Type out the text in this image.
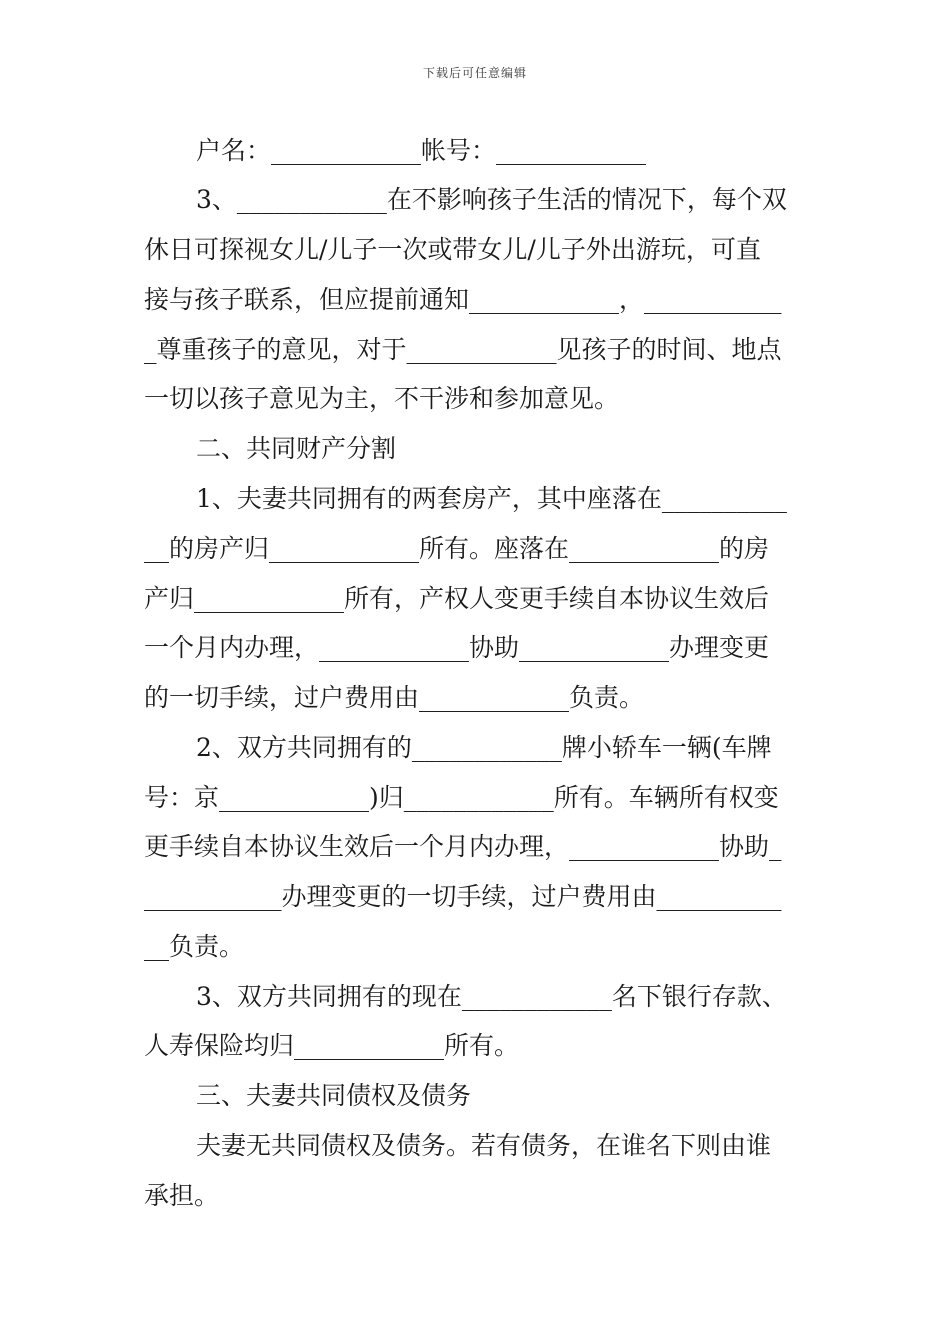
下载后可任意编辑
户名：____________帐号：____________
3、____________在不影响孩子生活的情况下，每个双
休日可探视女儿/儿子一次或带女儿/儿子外出游玩，可直
接与孩子联系，但应提前通知____________，___________
_尊重孩子的意见，对于____________见孩子的时间、地点
一切以孩子意见为主，不干涉和参加意见。
二、共同财产分割
1、夫妻共同拥有的两套房产，其中座落在__________
__的房产归____________所有。座落在____________的房
产归____________所有，产权人变更手续自本协议生效后
一个月内办理，____________协助____________办理变更
的一切手续，过户费用由____________负责。
2、双方共同拥有的____________牌小轿车一辆(车牌
号：京____________)归____________所有。车辆所有权变
更手续自本协议生效后一个月内办理，____________协助_
___________办理变更的一切手续，过户费用由__________
__负责。
3、双方共同拥有的现在____________名下银行存款、
人寿保险均归____________所有。
三、夫妻共同债权及债务
夫妻无共同债权及债务。若有债务，在谁名下则由谁
承担。
